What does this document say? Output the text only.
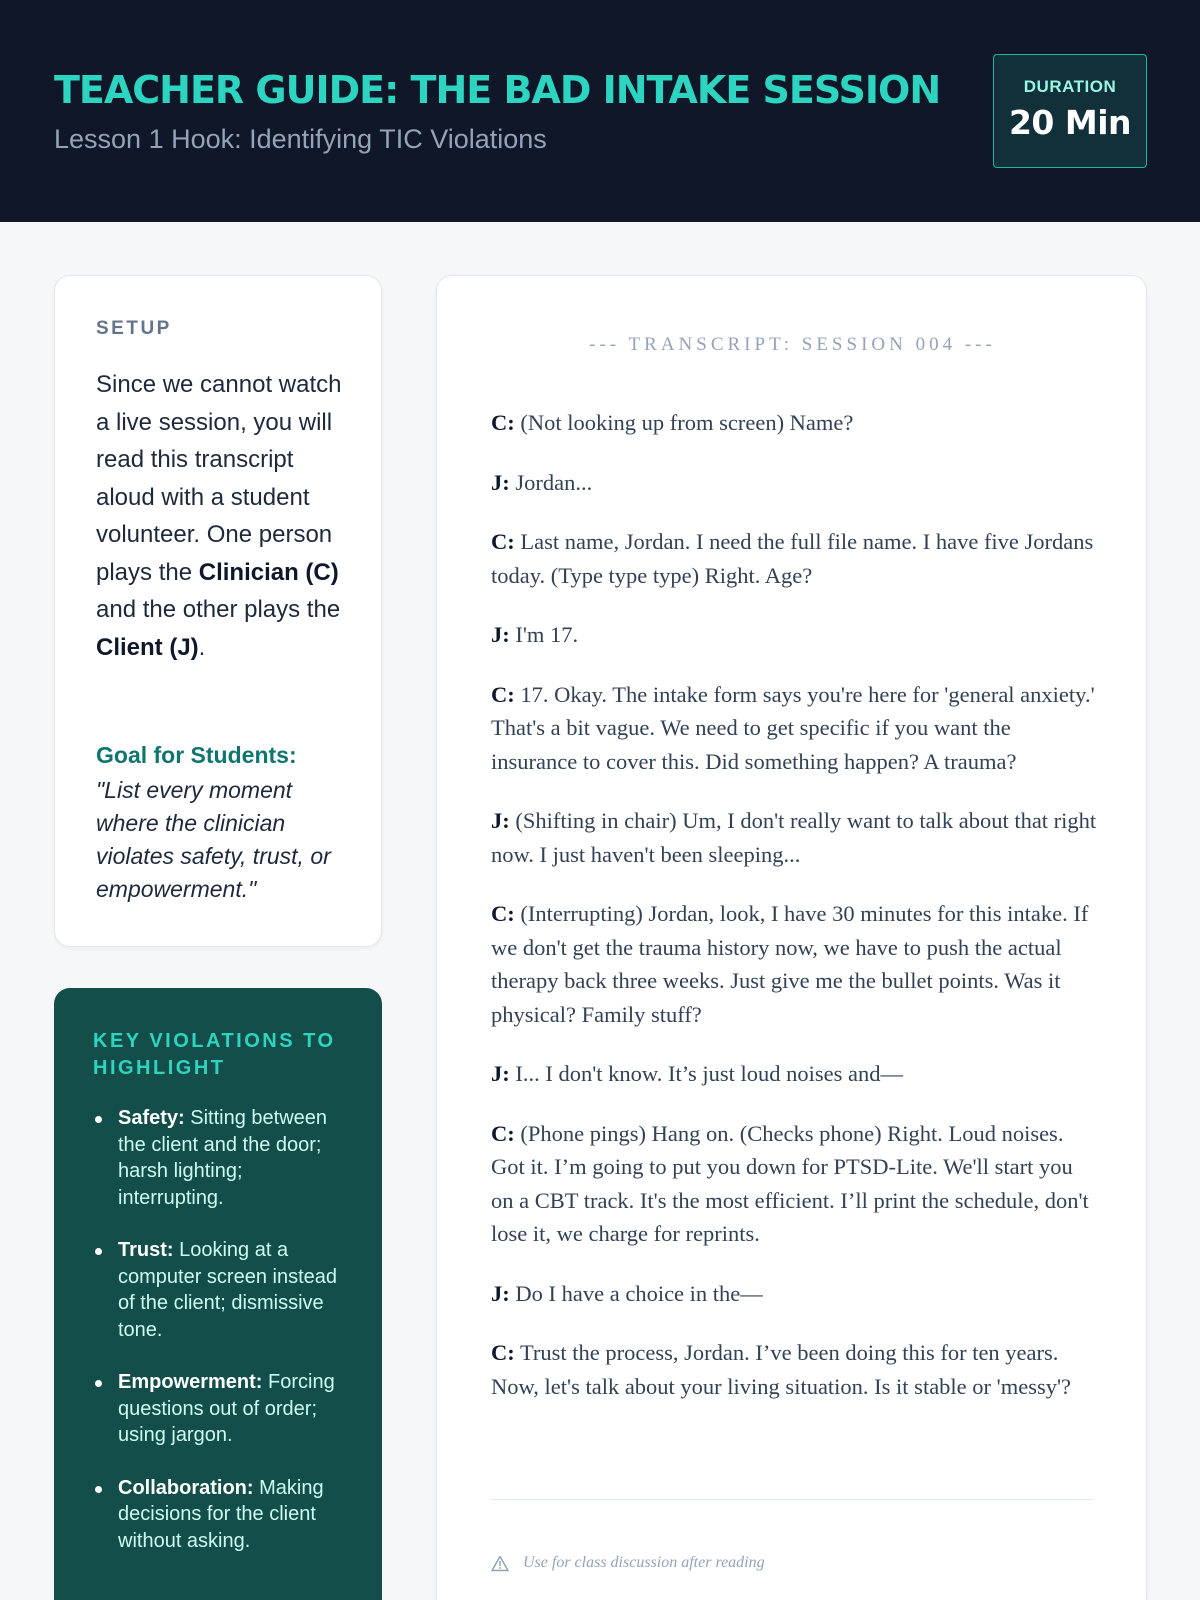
TEACHER GUIDE: THE BAD INTAKE SESSION
Lesson 1 Hook: Identifying TIC Violations
DURATION
20 Min
SETUP

Since we cannot watch a live session, you will read this transcript aloud with a student volunteer. One person plays the Clinician (C) and the other plays the Client (J).

Goal for Students:

"List every moment where the clinician violates safety, trust, or empowerment."

KEY VIOLATIONS TO HIGHLIGHT
Safety: Sitting between the client and the door; harsh lighting; interrupting.
Trust: Looking at a computer screen instead of the client; dismissive tone.
Empowerment: Forcing questions out of order; using jargon.
Collaboration: Making decisions for the client without asking.
--- TRANSCRIPT: SESSION 004 ---

C: (Not looking up from screen) Name?

J: Jordan...

C: Last name, Jordan. I need the full file name. I have five Jordans today. (Type type type) Right. Age?

J: I'm 17.

C: 17. Okay. The intake form says you're here for 'general anxiety.' That's a bit vague. We need to get specific if you want the insurance to cover this. Did something happen? A trauma?

J: (Shifting in chair) Um, I don't really want to talk about that right now. I just haven't been sleeping...

C: (Interrupting) Jordan, look, I have 30 minutes for this intake. If we don't get the trauma history now, we have to push the actual therapy back three weeks. Just give me the bullet points. Was it physical? Family stuff?

J: I... I don't know. It’s just loud noises and—

C: (Phone pings) Hang on. (Checks phone) Right. Loud noises. Got it. I’m going to put you down for PTSD-Lite. We'll start you on a CBT track. It's the most efficient. I’ll print the schedule, don't lose it, we charge for reprints.

J: Do I have a choice in the—

C: Trust the process, Jordan. I’ve been doing this for ten years. Now, let's talk about your living situation. Is it stable or 'messy'?

Use for class discussion after reading
